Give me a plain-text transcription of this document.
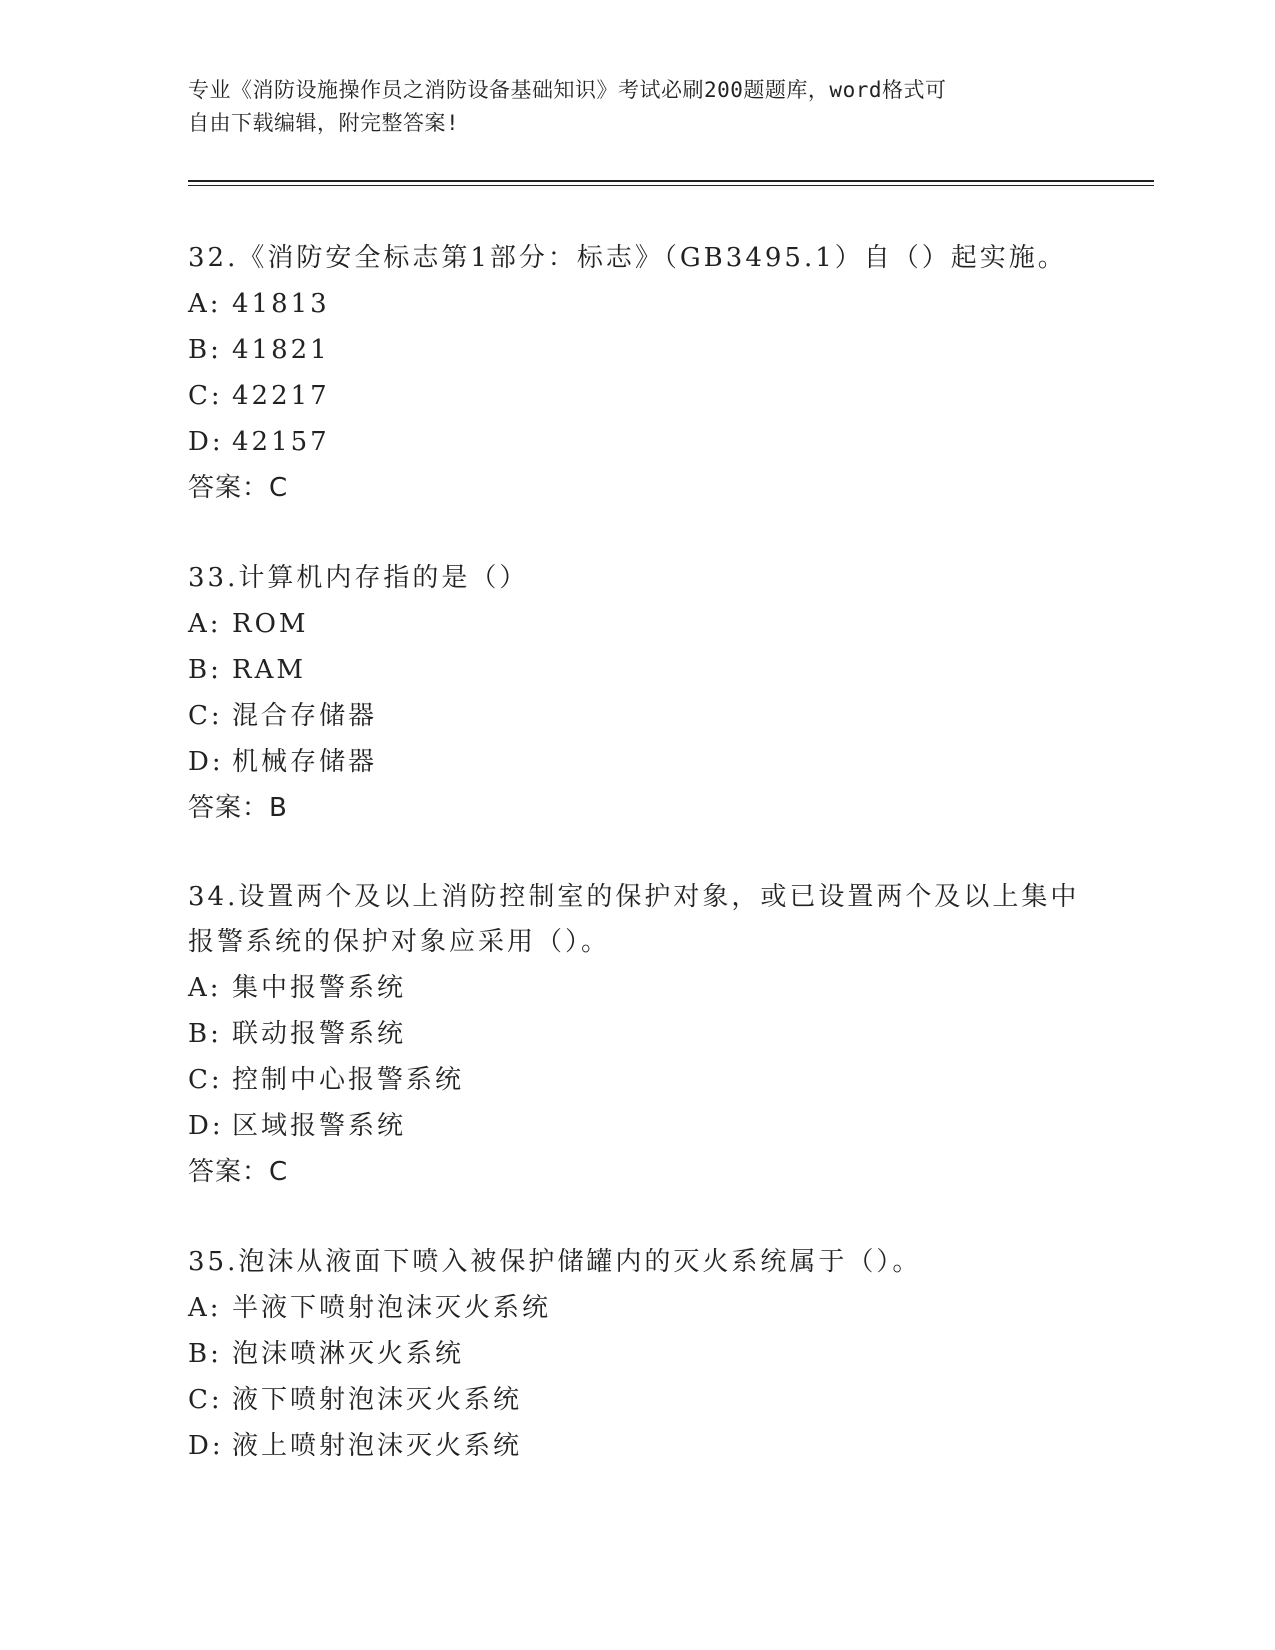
专业《消防设施操作员之消防设备基础知识》考试必刷200题题库，word格式可
自由下载编辑，附完整答案!

32.《消防安全标志第1部分：标志》（GB3495.1）自（）起实施。

A: 41813

B: 41821

C: 42217

D: 42157

答案：C

33.计算机内存指的是（）

A: ROM

B: RAM

C: 混合存储器

D: 机械存储器

答案：B

34.设置两个及以上消防控制室的保护对象，或已设置两个及以上集中报警系统的保护对象应采用（）。

A: 集中报警系统

B: 联动报警系统

C: 控制中心报警系统

D: 区域报警系统

答案：C

35.泡沫从液面下喷入被保护储罐内的灭火系统属于（）。

A: 半液下喷射泡沫灭火系统

B: 泡沫喷淋灭火系统

C: 液下喷射泡沫灭火系统

D: 液上喷射泡沫灭火系统
